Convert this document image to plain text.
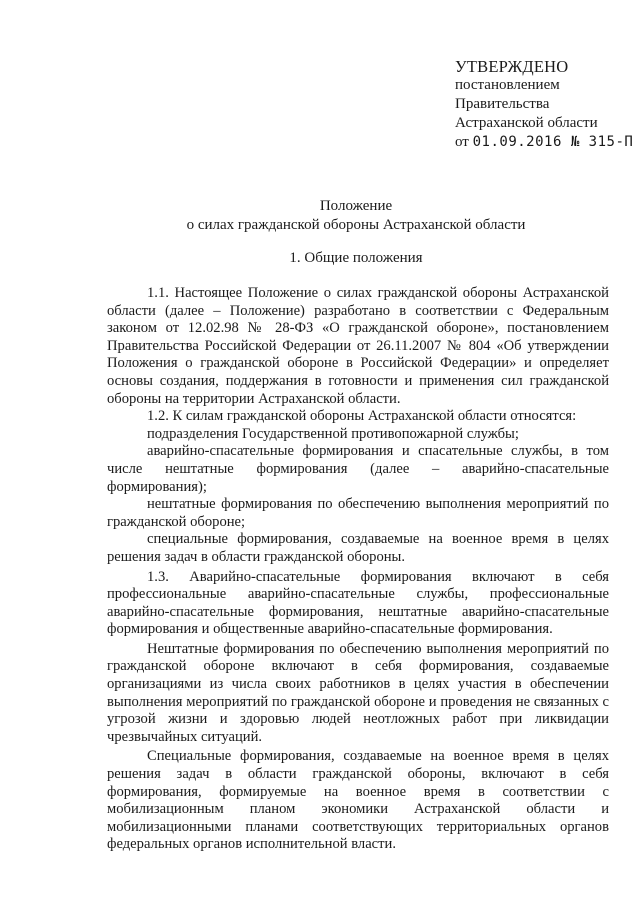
УТВЕРЖДЕНО
постановлением
Правительства
Астраханской области
от 01.09.2016 № 315-П
Положение
о силах гражданской обороны Астраханской области
1. Общие положения

1.1. Настоящее Положение о силах гражданской обороны Астраханской области (далее – Положение) разработано в соответствии с Федеральным законом от 12.02.98 № 28-ФЗ «О гражданской обороне», постановлением Правительства Российской Федерации от 26.11.2007 № 804 «Об утверждении Положения о гражданской обороне в Российской Федерации» и определяет основы создания, поддержания в готовности и применения сил гражданской обороны на территории Астраханской области.

1.2. К силам гражданской обороны Астраханской области относятся:

подразделения Государственной противопожарной службы;

аварийно-спасательные формирования и спасательные службы, в том числе нештатные формирования (далее – аварийно-спасательные формирования);

нештатные формирования по обеспечению выполнения мероприятий по гражданской обороне;

специальные формирования, создаваемые на военное время в целях решения задач в области гражданской обороны.

1.3. Аварийно-спасательные формирования включают в себя профессиональные аварийно-спасательные службы, профессиональные аварийно-спасательные формирования, нештатные аварийно-спасательные формирования и общественные аварийно-спасательные формирования.

Нештатные формирования по обеспечению выполнения мероприятий по гражданской обороне включают в себя формирования, создаваемые организациями из числа своих работников в целях участия в обеспечении выполнения мероприятий по гражданской обороне и проведения не связанных с угрозой жизни и здоровью людей неотложных работ при ликвидации чрезвычайных ситуаций.

Специальные формирования, создаваемые на военное время в целях решения задач в области гражданской обороны, включают в себя формирования, формируемые на военное время в соответствии с мобилизационным планом экономики Астраханской области и мобилизационными планами соответствующих территориальных органов федеральных органов исполнительной власти.
